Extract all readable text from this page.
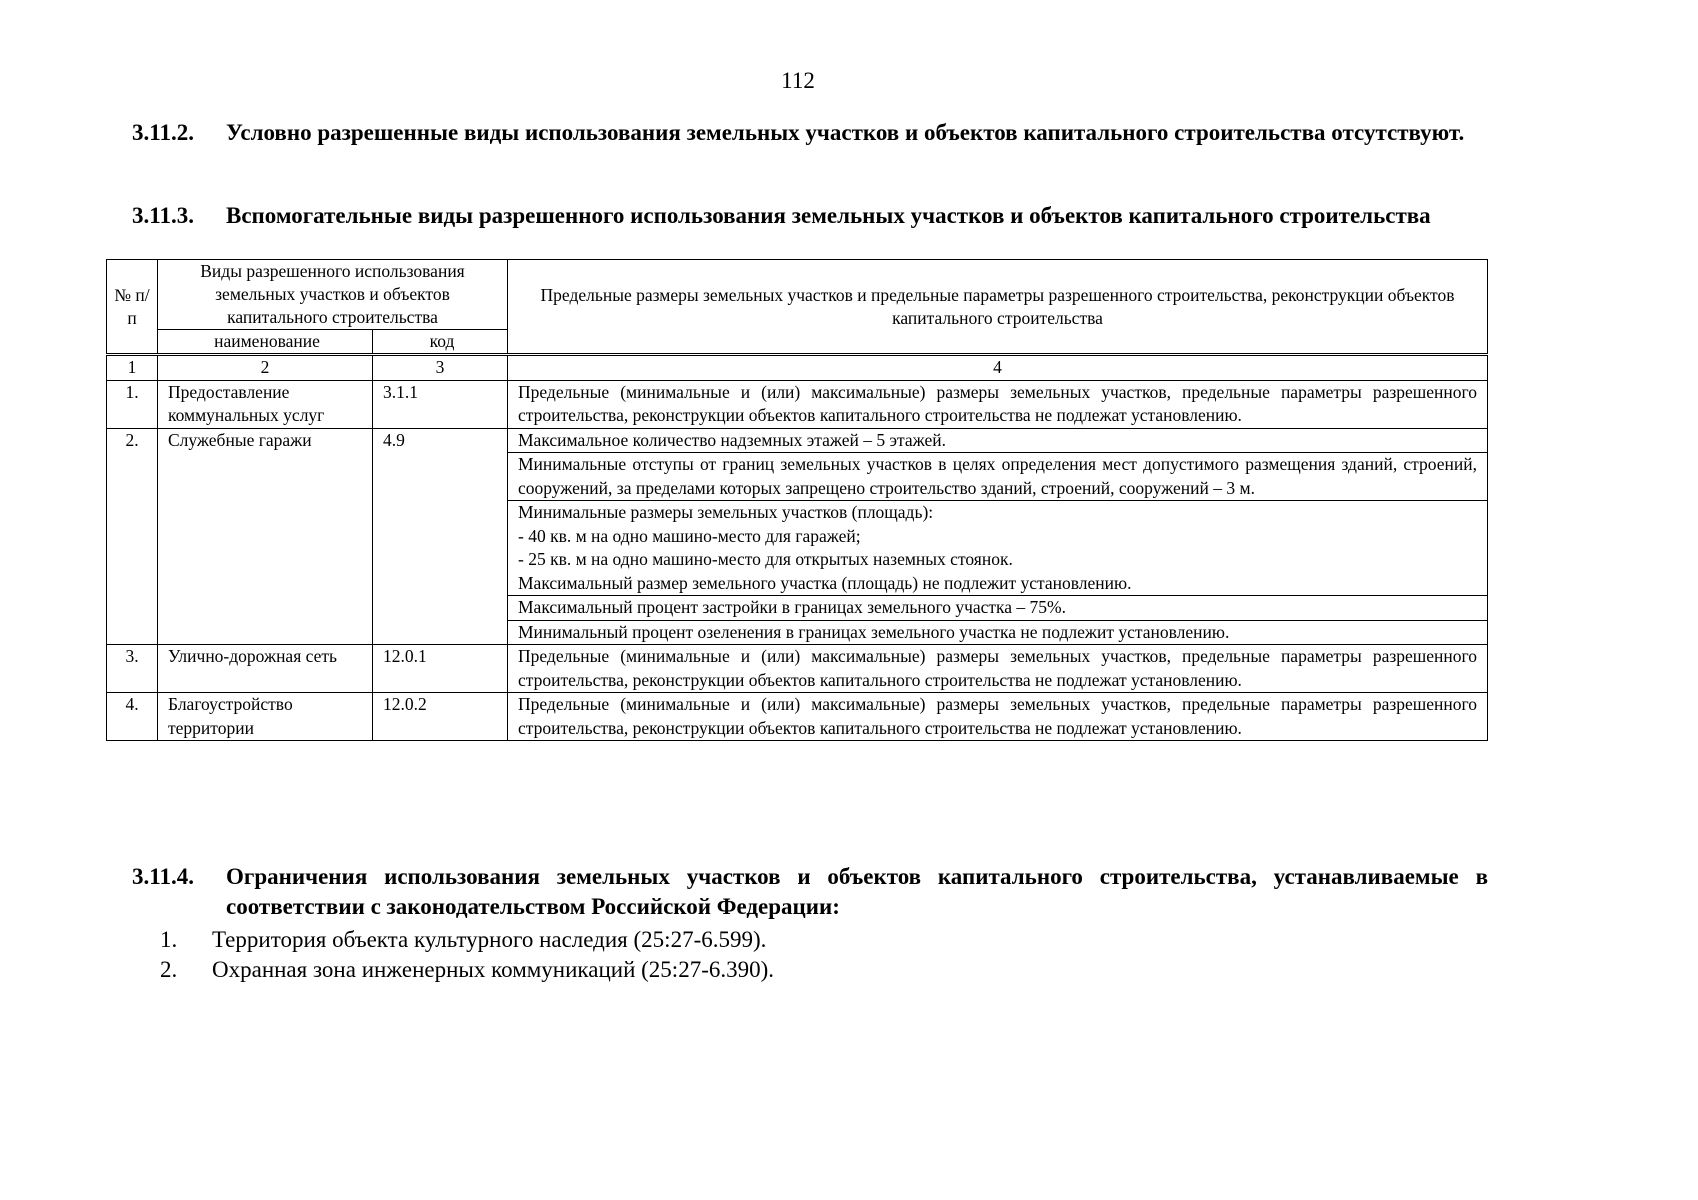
112
3.11.2. Условно разрешенные виды использования земельных участков и объектов капитального строительства отсутствуют.
3.11.3. Вспомогательные виды разрешенного использования земельных участков и объектов капитального строительства
№ п/п	Виды разрешенного использования земельных участков и объектов капитального строительства		Предельные размеры земельных участков и предельные параметры разрешенного строительства, реконструкции объектов капитального строительства
	наименование	код	
1	2	3	4
1.	Предоставление коммунальных услуг	3.1.1	Предельные (минимальные и (или) максимальные) размеры земельных участков, предельные параметры разрешенного строительства, реконструкции объектов капитального строительства не подлежат установлению.
2.	Служебные гаражи	4.9	Максимальное количество надземных этажей – 5 этажей.
			Минимальные отступы от границ земельных участков в целях определения мест допустимого размещения зданий, строений, сооружений, за пределами которых запрещено строительство зданий, строений, сооружений – 3 м.

			Минимальные размеры земельных участков (площадь):
- 40 кв. м на одно машино-место для гаражей;
- 25 кв. м на одно машино-место для открытых наземных стоянок.
Максимальный размер земельного участка (площадь) не подлежит установлению.

			Максимальный процент застройки в границах земельного участка – 75%.
			Минимальный процент озеленения в границах земельного участка не подлежит установлению.
3.	Улично-дорожная сеть	12.0.1	Предельные (минимальные и (или) максимальные) размеры земельных участков, предельные параметры разрешенного строительства, реконструкции объектов капитального строительства не подлежат установлению.
4.	Благоустройство территории	12.0.2	Предельные (минимальные и (или) максимальные) размеры земельных участков, предельные параметры разрешенного строительства, реконструкции объектов капитального строительства не подлежат установлению.
3.11.4. Ограничения использования земельных участков и объектов капитального строительства, устанавливаемые в соответствии с законодательством Российской Федерации:
1.	Территория объекта культурного наследия (25:27-6.599).
2.	Охранная зона инженерных коммуникаций (25:27-6.390).
